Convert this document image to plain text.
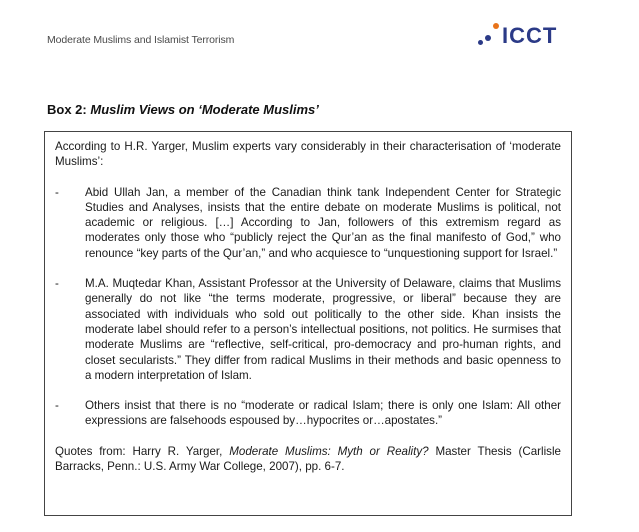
Moderate Muslims and Islamist Terrorism	ICCT
Box 2: Muslim Views on ‘Moderate Muslims’

According to H.R. Yarger, Muslim experts vary considerably in their characterisation of ‘moderate Muslims’:

-	Abid Ullah Jan, a member of the Canadian think tank Independent Center for Strategic Studies and Analyses, insists that the entire debate on moderate Muslims is political, not academic or religious. […] According to Jan, followers of this extremism regard as moderates only those who “publicly reject the Qur’an as the final manifesto of God,” who renounce “key parts of the Qur’an,” and who acquiesce to “unquestioning support for Israel.”
-	M.A. Muqtedar Khan, Assistant Professor at the University of Delaware, claims that Muslims generally do not like “the terms moderate, progressive, or liberal” because they are associated with individuals who sold out politically to the other side. Khan insists the moderate label should refer to a person’s intellectual positions, not politics. He surmises that moderate Muslims are “reflective, self-critical, pro-democracy and pro-human rights, and closet secularists.” They differ from radical Muslims in their methods and basic openness to a modern interpretation of Islam.
-	Others insist that there is no “moderate or radical Islam; there is only one Islam: All other expressions are falsehoods espoused by…hypocrites or…apostates.”

Quotes from: Harry R. Yarger, Moderate Muslims: Myth or Reality? Master Thesis (Carlisle Barracks, Penn.: U.S. Army War College, 2007), pp. 6-7.
